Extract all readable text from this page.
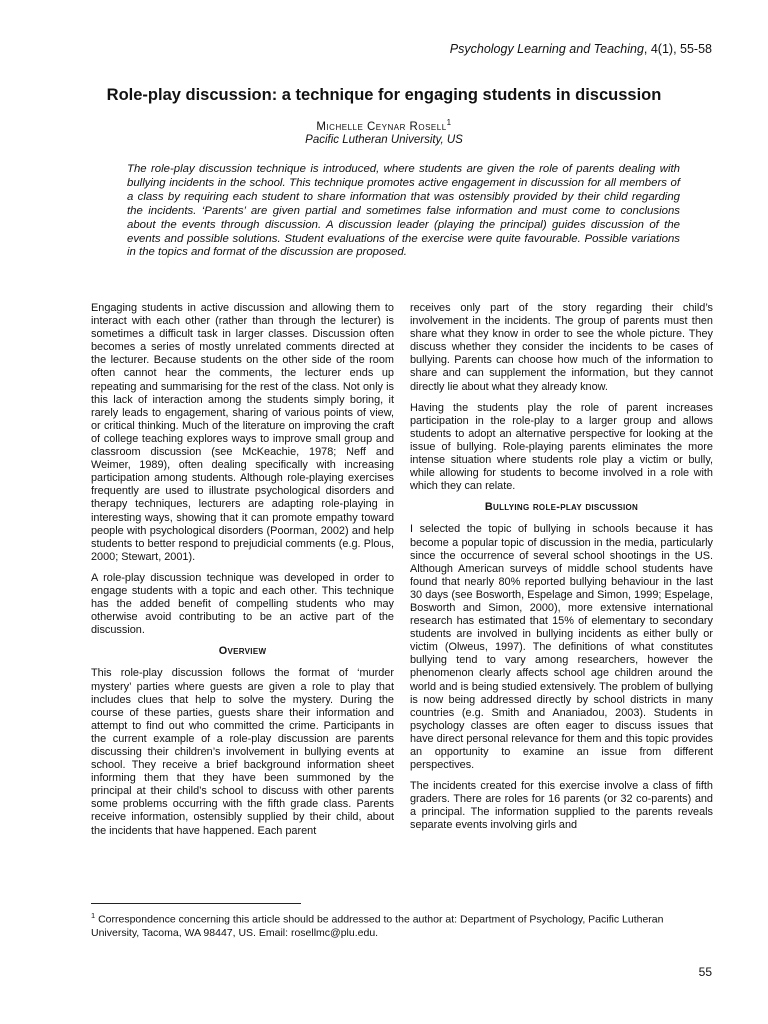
Psychology Learning and Teaching, 4(1), 55-58
Role-play discussion: a technique for engaging students in discussion
Michelle Ceynar Rosell$^1$
Pacific Lutheran University, US
The role-play discussion technique is introduced, where students are given the role of parents dealing with bullying incidents in the school. This technique promotes active engagement in discussion for all members of a class by requiring each student to share information that was ostensibly provided by their child regarding the incidents. ‘Parents’ are given partial and sometimes false information and must come to conclusions about the events through discussion. A discussion leader (playing the principal) guides discussion of the events and possible solutions. Student evaluations of the exercise were quite favourable. Possible variations in the topics and format of the discussion are proposed.

Engaging students in active discussion and allowing them to interact with each other (rather than through the lecturer) is sometimes a difficult task in larger classes. Discussion often becomes a series of mostly unrelated comments directed at the lecturer. Because students on the other side of the room often cannot hear the comments, the lecturer ends up repeating and summarising for the rest of the class. Not only is this lack of interaction among the students simply boring, it rarely leads to engagement, sharing of various points of view, or critical thinking. Much of the literature on improving the craft of college teaching explores ways to improve small group and classroom discussion (see McKeachie, 1978; Neff and Weimer, 1989), often dealing specifically with increasing participation among students. Although role-playing exercises frequently are used to illustrate psychological disorders and therapy techniques, lecturers are adapting role-playing in interesting ways, showing that it can promote empathy toward people with psychological disorders (Poorman, 2002) and help students to better respond to prejudicial comments (e.g. Plous, 2000; Stewart, 2001).

A role-play discussion technique was developed in order to engage students with a topic and each other. This technique has the added benefit of compelling students who may otherwise avoid contributing to be an active part of the discussion.

Overview

This role-play discussion follows the format of ‘murder mystery’ parties where guests are given a role to play that includes clues that help to solve the mystery. During the course of these parties, guests share their information and attempt to find out who committed the crime. Participants in the current example of a role-play discussion are parents discussing their children’s involvement in bullying events at school. They receive a brief background information sheet informing them that they have been summoned by the principal at their child’s school to discuss with other parents some problems occurring with the fifth grade class. Parents receive information, ostensibly supplied by their child, about the incidents that have happened. Each parent

receives only part of the story regarding their child’s involvement in the incidents. The group of parents must then share what they know in order to see the whole picture. They discuss whether they consider the incidents to be cases of bullying. Parents can choose how much of the information to share and can supplement the information, but they cannot directly lie about what they already know.

Having the students play the role of parent increases participation in the role-play to a larger group and allows students to adopt an alternative perspective for looking at the issue of bullying. Role-playing parents eliminates the more intense situation where students role play a victim or bully, while allowing for students to become involved in a role with which they can relate.

Bullying role-play discussion

I selected the topic of bullying in schools because it has become a popular topic of discussion in the media, particularly since the occurrence of several school shootings in the US. Although American surveys of middle school students have found that nearly 80% reported bullying behaviour in the last 30 days (see Bosworth, Espelage and Simon, 1999; Espelage, Bosworth and Simon, 2000), more extensive international research has estimated that 15% of elementary to secondary students are involved in bullying incidents as either bully or victim (Olweus, 1997). The definitions of what constitutes bullying tend to vary among researchers, however the phenomenon clearly affects school age children around the world and is being studied extensively. The problem of bullying is now being addressed directly by school districts in many countries (e.g. Smith and Ananiadou, 2003). Students in psychology classes are often eager to discuss issues that have direct personal relevance for them and this topic provides an opportunity to examine an issue from different perspectives.

The incidents created for this exercise involve a class of fifth graders. There are roles for 16 parents (or 32 co-parents) and a principal. The information supplied to the parents reveals separate events involving girls and

$^1$ Correspondence concerning this article should be addressed to the author at: Department of Psychology, Pacific Lutheran University, Tacoma, WA 98447, US. Email: rosellmc@plu.edu.
55
